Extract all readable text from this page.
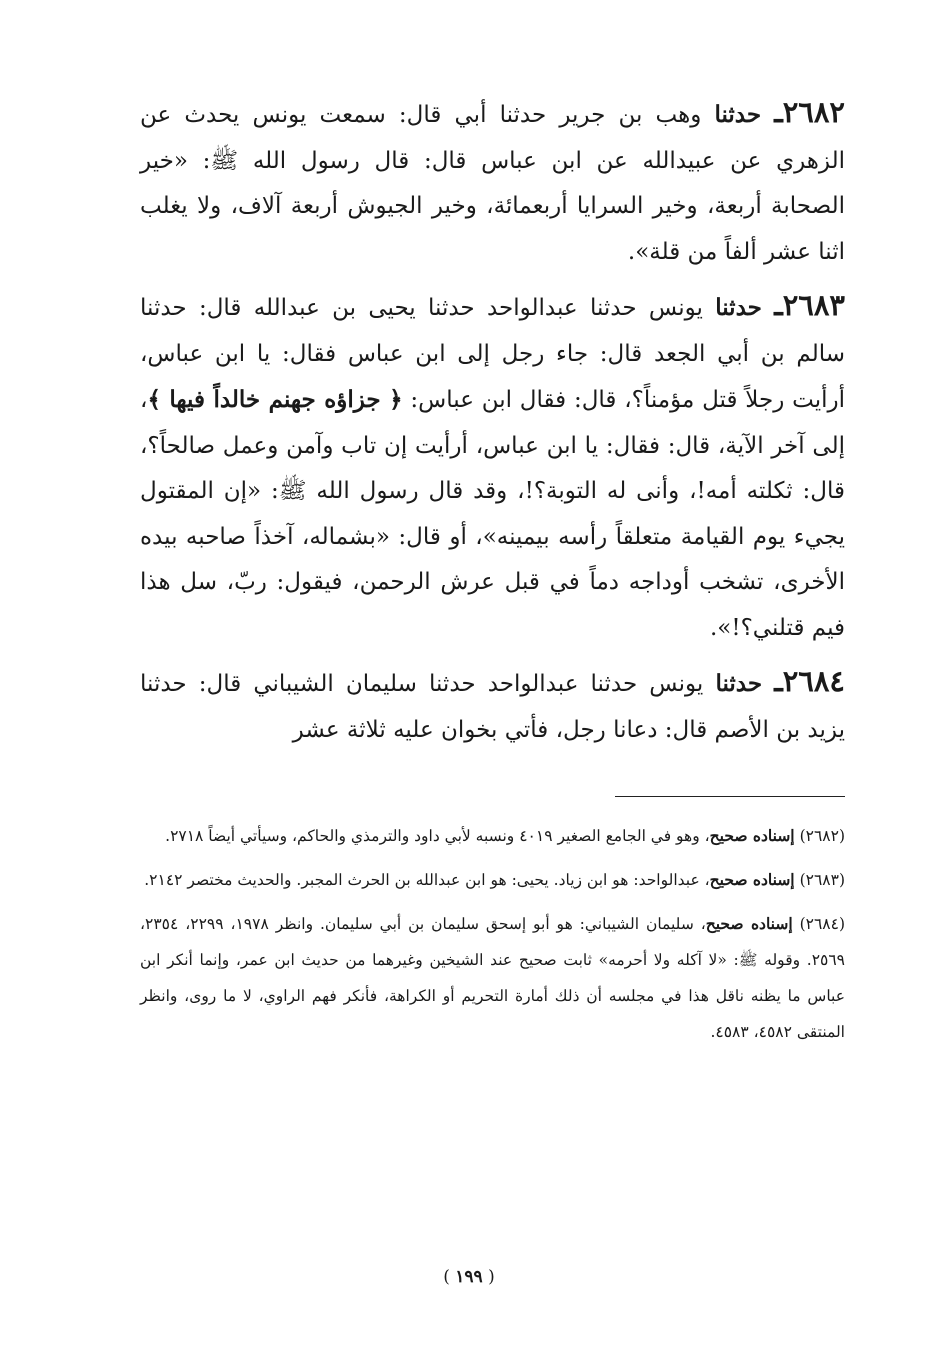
٢٦٨٢ـ حدثنا وهب بن جرير حدثنا أبي قال: سمعت يونس يحدث عن الزهري عن عبيدالله عن ابن عباس قال: قال رسول الله ﷺ: «خير الصحابة أربعة، وخير السرايا أربعمائة، وخير الجيوش أربعة آلاف، ولا يغلب اثنا عشر ألفاً من قلة».

٢٦٨٣ـ حدثنا يونس حدثنا عبدالواحد حدثنا يحيى بن عبدالله قال: حدثنا سالم بن أبي الجعد قال: جاء رجل إلى ابن عباس فقال: يا ابن عباس، أرأيت رجلاً قتل مؤمناً؟، قال: فقال ابن عباس: ﴿ جزاؤه جهنم خالداً فيها ﴾، إلى آخر الآية، قال: فقال: يا ابن عباس، أرأيت إن تاب وآمن وعمل صالحاً؟، قال: ثكلته أمه!، وأنى له التوبة؟!، وقد قال رسول الله ﷺ: «إن المقتول يجيء يوم القيامة متعلقاً رأسه بيمينه»، أو قال: «بشماله، آخذاً صاحبه بيده الأخرى، تشخب أوداجه دماً في قبل عرش الرحمن، فيقول: ربّ، سل هذا فيم قتلني؟!».

٢٦٨٤ـ حدثنا يونس حدثنا عبدالواحد حدثنا سليمان الشيباني قال: حدثنا يزيد بن الأصم قال: دعانا رجل، فأتي بخوان عليه ثلاثة عشر

(٢٦٨٢) إسناده صحيح، وهو في الجامع الصغير ٤٠١٩ ونسبه لأبي داود والترمذي والحاكم، وسيأتي أيضاً ٢٧١٨.

(٢٦٨٣) إسناده صحيح، عبدالواحد: هو ابن زياد. يحيى: هو ابن عبدالله بن الحرث المجبر. والحديث مختصر ٢١٤٢.

(٢٦٨٤) إسناده صحيح، سليمان الشيباني: هو أبو إسحق سليمان بن أبي سليمان. وانظر ١٩٧٨، ٢٢٩٩، ٢٣٥٤، ٢٥٦٩. وقوله ﷺ: «لا آكله ولا أحرمه» ثابت صحيح عند الشيخين وغيرهما من حديث ابن عمر، وإنما أنكر ابن عباس ما يظنه ناقل هذا في مجلسه أن ذلك أمارة التحريم أو الكراهة، فأنكر فهم الراوي، لا ما روى، وانظر المنتقى ٤٥٨٢، ٤٥٨٣.

( ١٩٩ )
